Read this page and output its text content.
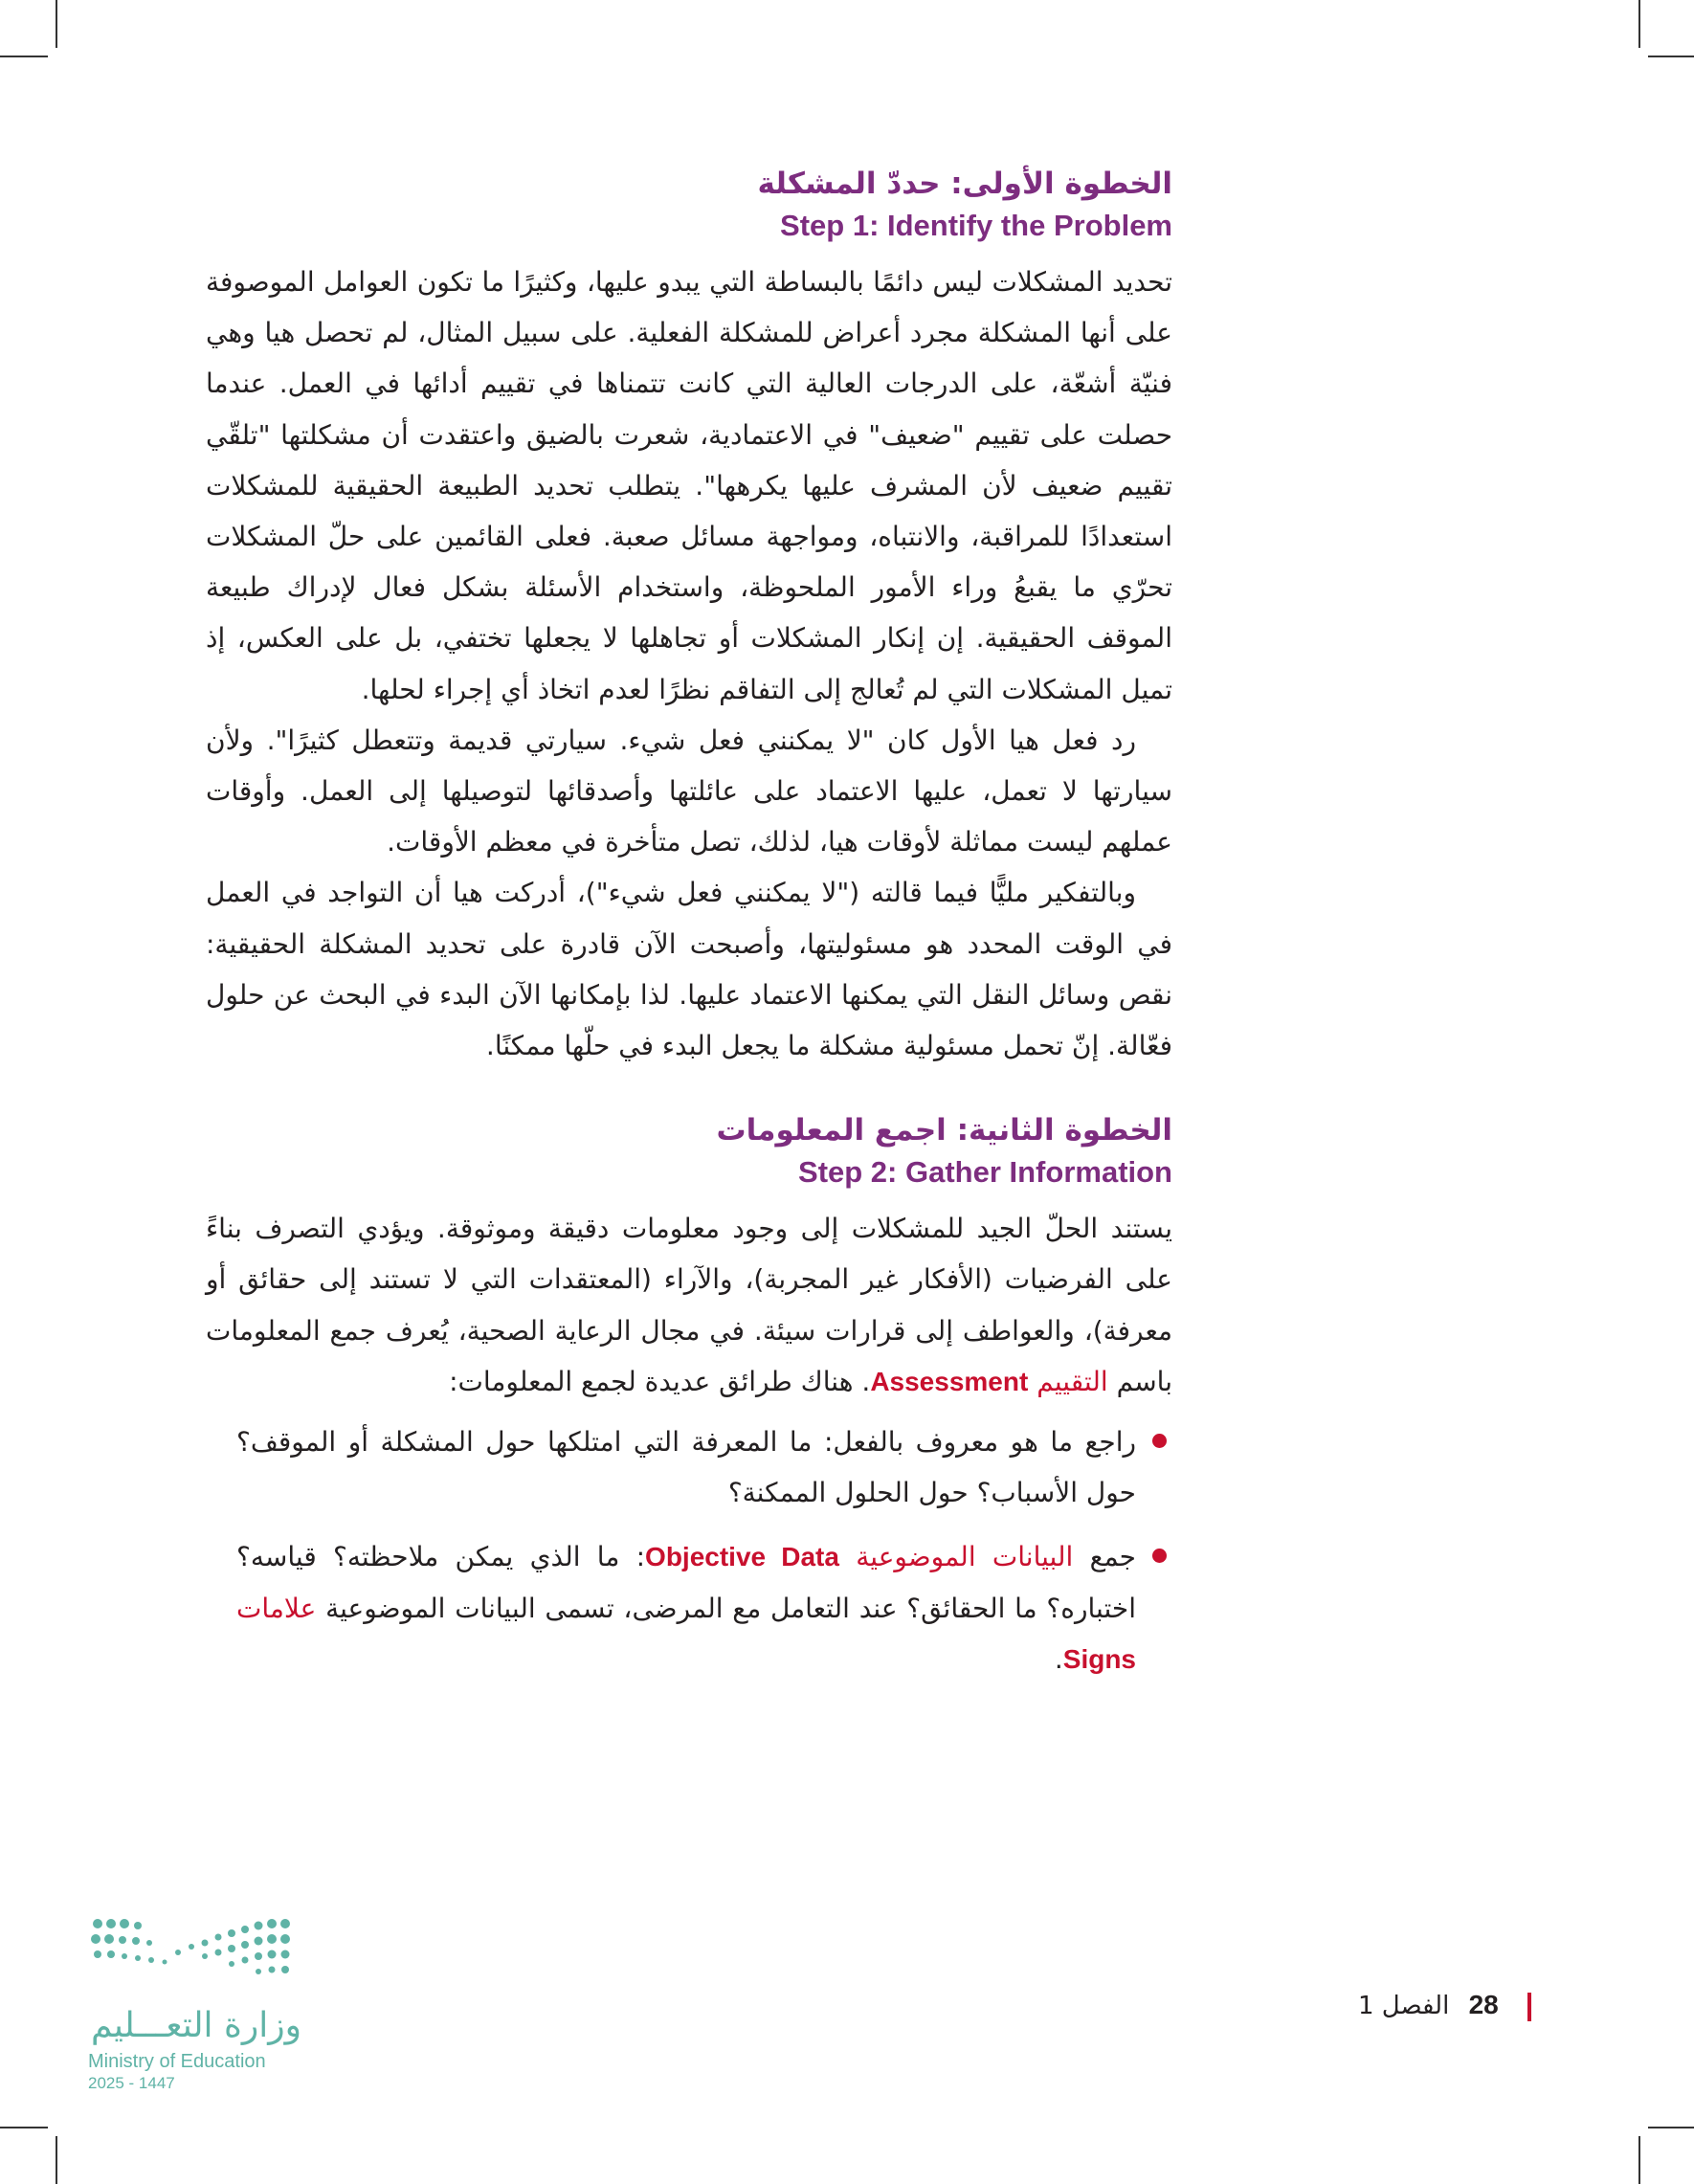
الخطوة الأولى: حددّ المشكلة
Step 1: Identify the Problem

تحديد المشكلات ليس دائمًا بالبساطة التي يبدو عليها، وكثيرًا ما تكون العوامل الموصوفة على أنها المشكلة مجرد أعراض للمشكلة الفعلية. على سبيل المثال، لم تحصل هيا وهي فنيّة أشعّة، على الدرجات العالية التي كانت تتمناها في تقييم أدائها في العمل. عندما حصلت على تقييم "ضعيف" في الاعتمادية، شعرت بالضيق واعتقدت أن مشكلتها "تلقّي تقييم ضعيف لأن المشرف عليها يكرهها". يتطلب تحديد الطبيعة الحقيقية للمشكلات استعدادًا للمراقبة، والانتباه، ومواجهة مسائل صعبة. فعلى القائمين على حلّ المشكلات تحرّي ما يقبعُ وراء الأمور الملحوظة، واستخدام الأسئلة بشكل فعال لإدراك طبيعة الموقف الحقيقية. إن إنكار المشكلات أو تجاهلها لا يجعلها تختفي، بل على العكس، إذ تميل المشكلات التي لم تُعالج إلى التفاقم نظرًا لعدم اتخاذ أي إجراء لحلها.

رد فعل هيا الأول كان "لا يمكنني فعل شيء. سيارتي قديمة وتتعطل كثيرًا". ولأن سيارتها لا تعمل، عليها الاعتماد على عائلتها وأصدقائها لتوصيلها إلى العمل. وأوقات عملهم ليست مماثلة لأوقات هيا، لذلك، تصل متأخرة في معظم الأوقات.

وبالتفكير مليًّا فيما قالته ("لا يمكنني فعل شيء")، أدركت هيا أن التواجد في العمل في الوقت المحدد هو مسئوليتها، وأصبحت الآن قادرة على تحديد المشكلة الحقيقية: نقص وسائل النقل التي يمكنها الاعتماد عليها. لذا بإمكانها الآن البدء في البحث عن حلول فعّالة. إنّ تحمل مسئولية مشكلة ما يجعل البدء في حلّها ممكنًا.

الخطوة الثانية: اجمع المعلومات
Step 2: Gather Information

يستند الحلّ الجيد للمشكلات إلى وجود معلومات دقيقة وموثوقة. ويؤدي التصرف بناءً على الفرضيات (الأفكار غير المجربة)، والآراء (المعتقدات التي لا تستند إلى حقائق أو معرفة)، والعواطف إلى قرارات سيئة. في مجال الرعاية الصحية، يُعرف جمع المعلومات باسم التقييم Assessment. هناك طرائق عديدة لجمع المعلومات:

راجع ما هو معروف بالفعل: ما المعرفة التي امتلكها حول المشكلة أو الموقف؟ حول الأسباب؟ حول الحلول الممكنة؟
جمع البيانات الموضوعية Objective Data: ما الذي يمكن ملاحظته؟ قياسه؟ اختباره؟ ما الحقائق؟ عند التعامل مع المرضى، تسمى البيانات الموضوعية علامات Signs.
وزارة التعـــليم
Ministry of Education
2025 - 1447
28 الفصل 1
